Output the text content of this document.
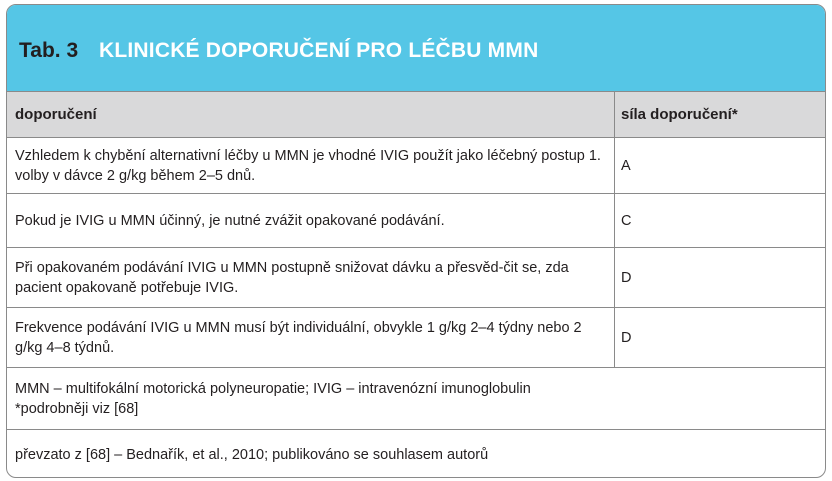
Tab. 3 KLINICKÉ DOPORUČENÍ PRO LÉČBU MMN
doporučení	síla doporučení*
Vzhledem k chybění alternativní léčby u MMN je vhodné IVIG použít jako léčebný postup 1. volby v dávce 2 g/kg během 2–5 dnů.
A
Pokud je IVIG u MMN účinný, je nutné zvážit opakované podávání.	C
Při opakovaném podávání IVIG u MMN postupně snižovat dávku a přesvěd-čit se, zda pacient opakovaně potřebuje IVIG.
D
Frekvence podávání IVIG u MMN musí být individuální, obvykle 1 g/kg 2–4 týdny nebo 2 g/kg 4–8 týdnů.
D
MMN – multifokální motorická polyneuropatie; IVIG – intravenózní imunoglobulin
*podrobněji viz [68]
převzato z [68] – Bednařík, et al., 2010; publikováno se souhlasem autorů
